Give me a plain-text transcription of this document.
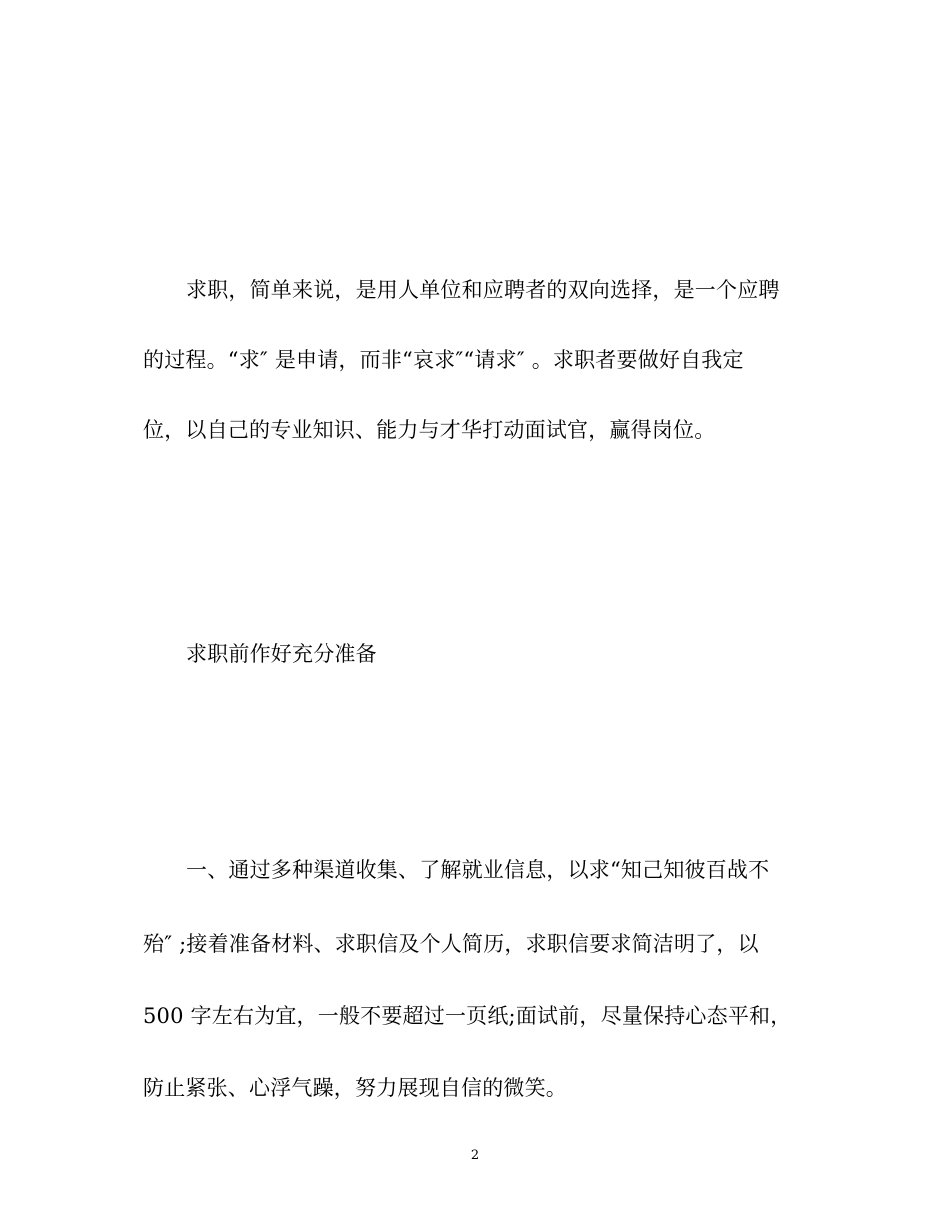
求职，简单来说，是用人单位和应聘者的双向选择，是一个应聘
的过程。“求″ 是申请，而非“哀求″“请求″ 。求职者要做好自我定
位，以自己的专业知识、能力与才华打动面试官，赢得岗位。
求职前作好充分准备
一、通过多种渠道收集、了解就业信息，以求“知己知彼百战不
殆″ ;接着准备材料、求职信及个人简历，求职信要求简洁明了，以
500 字左右为宜，一般不要超过一页纸;面试前，尽量保持心态平和，
防止紧张、心浮气躁，努力展现自信的微笑。
2
